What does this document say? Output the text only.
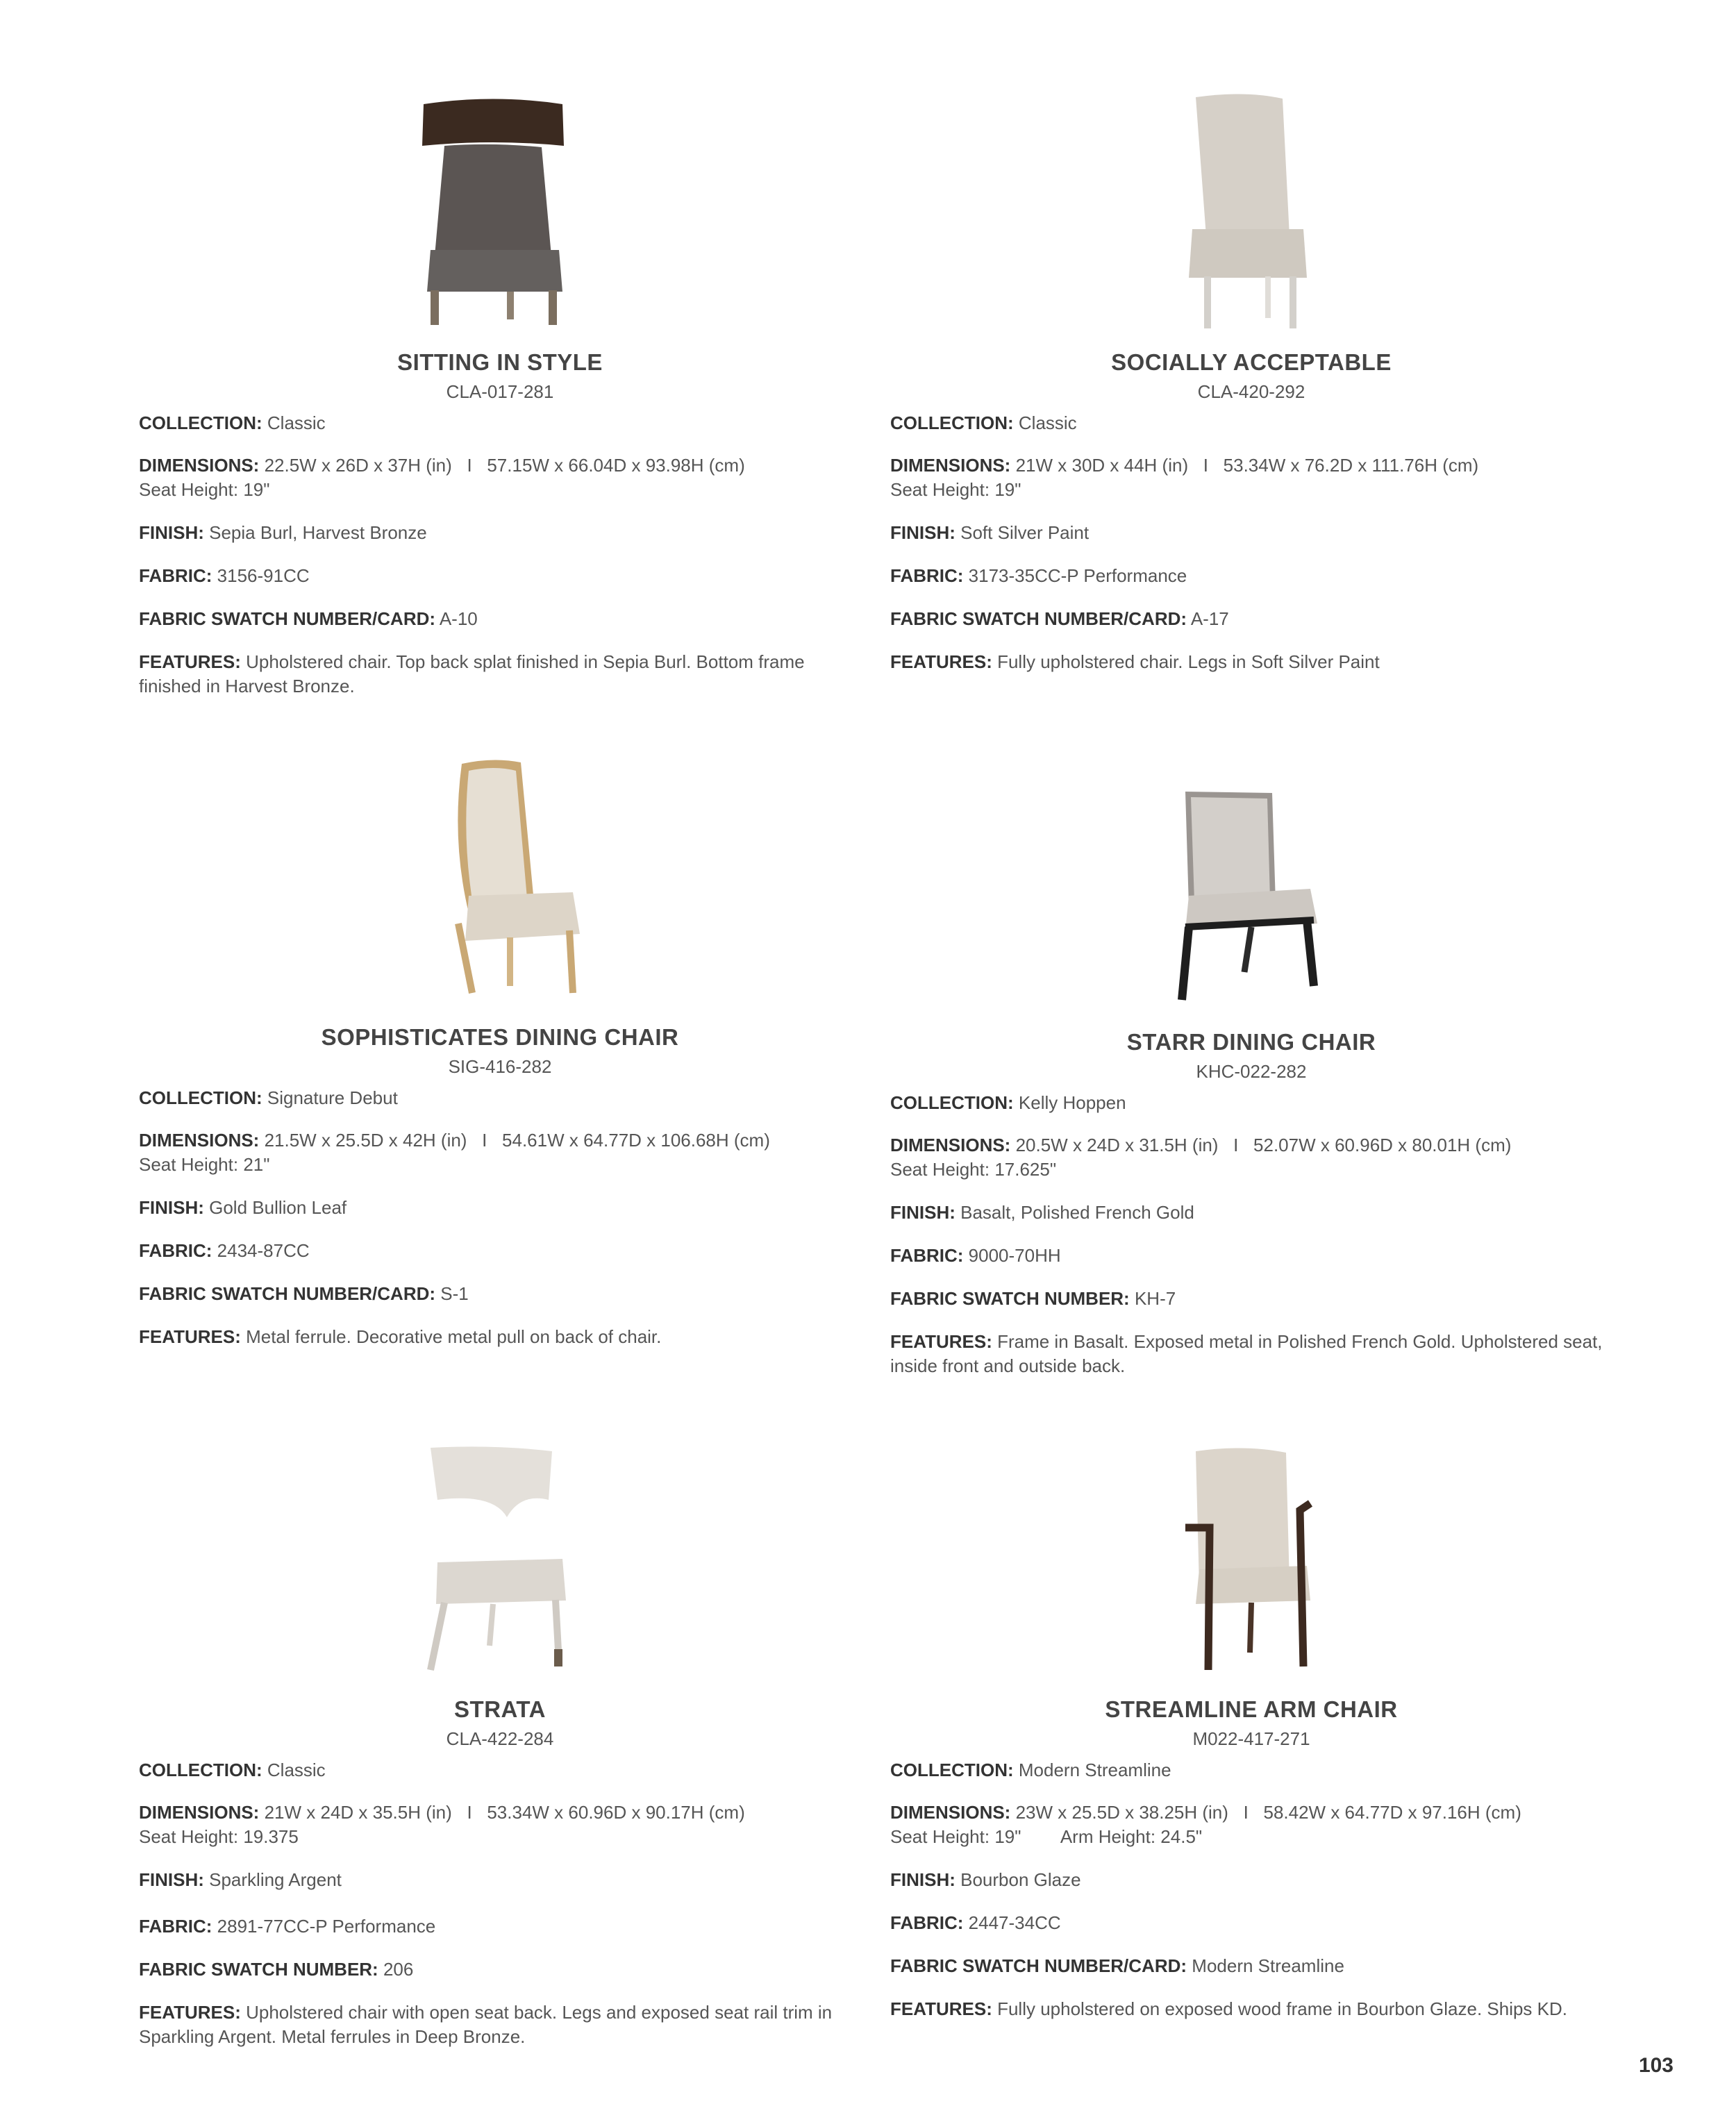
SITTING IN STYLE
CLA-017-281

COLLECTION: Classic

DIMENSIONS: 22.5W x 26D x 37H (in)   I   57.15W x 66.04D x 93.98H (cm)

Seat Height: 19"

FINISH: Sepia Burl, Harvest Bronze

FABRIC: 3156-91CC

FABRIC SWATCH NUMBER/CARD: A-10

FEATURES: Upholstered chair. Top back splat finished in Sepia Burl. Bottom frame finished in Harvest Bronze.

SOCIALLY ACCEPTABLE
CLA-420-292

COLLECTION: Classic

DIMENSIONS: 21W x 30D x 44H (in)   I   53.34W x 76.2D x 111.76H (cm)

Seat Height: 19"

FINISH: Soft Silver Paint

FABRIC: 3173-35CC-P Performance

FABRIC SWATCH NUMBER/CARD: A-17

FEATURES: Fully upholstered chair. Legs in Soft Silver Paint

SOPHISTICATES DINING CHAIR
SIG-416-282

COLLECTION: Signature Debut

DIMENSIONS: 21.5W x 25.5D x 42H (in)   I   54.61W x 64.77D x 106.68H (cm)

Seat Height: 21"

FINISH: Gold Bullion Leaf

FABRIC: 2434-87CC

FABRIC SWATCH NUMBER/CARD: S-1

FEATURES: Metal ferrule. Decorative metal pull on back of chair.

STARR DINING CHAIR
KHC-022-282

COLLECTION: Kelly Hoppen

DIMENSIONS: 20.5W x 24D x 31.5H (in)   I   52.07W x 60.96D x 80.01H (cm)

Seat Height: 17.625"

FINISH: Basalt, Polished French Gold

FABRIC: 9000-70HH

FABRIC SWATCH NUMBER: KH-7

FEATURES: Frame in Basalt. Exposed metal in Polished French Gold. Upholstered seat, inside front and outside back.

STRATA
CLA-422-284

COLLECTION: Classic

DIMENSIONS: 21W x 24D x 35.5H (in)   I   53.34W x 60.96D x 90.17H (cm)

Seat Height: 19.375

FINISH: Sparkling Argent

FABRIC: 2891-77CC-P Performance

FABRIC SWATCH NUMBER: 206

FEATURES: Upholstered chair with open seat back. Legs and exposed seat rail trim in Sparkling Argent. Metal ferrules in Deep Bronze.

STREAMLINE ARM CHAIR
M022-417-271

COLLECTION: Modern Streamline

DIMENSIONS: 23W x 25.5D x 38.25H (in)   I   58.42W x 64.77D x 97.16H (cm)

Seat Height: 19"        Arm Height: 24.5"

FINISH: Bourbon Glaze

FABRIC: 2447-34CC

FABRIC SWATCH NUMBER/CARD: Modern Streamline

FEATURES: Fully upholstered on exposed wood frame in Bourbon Glaze. Ships KD.

103
